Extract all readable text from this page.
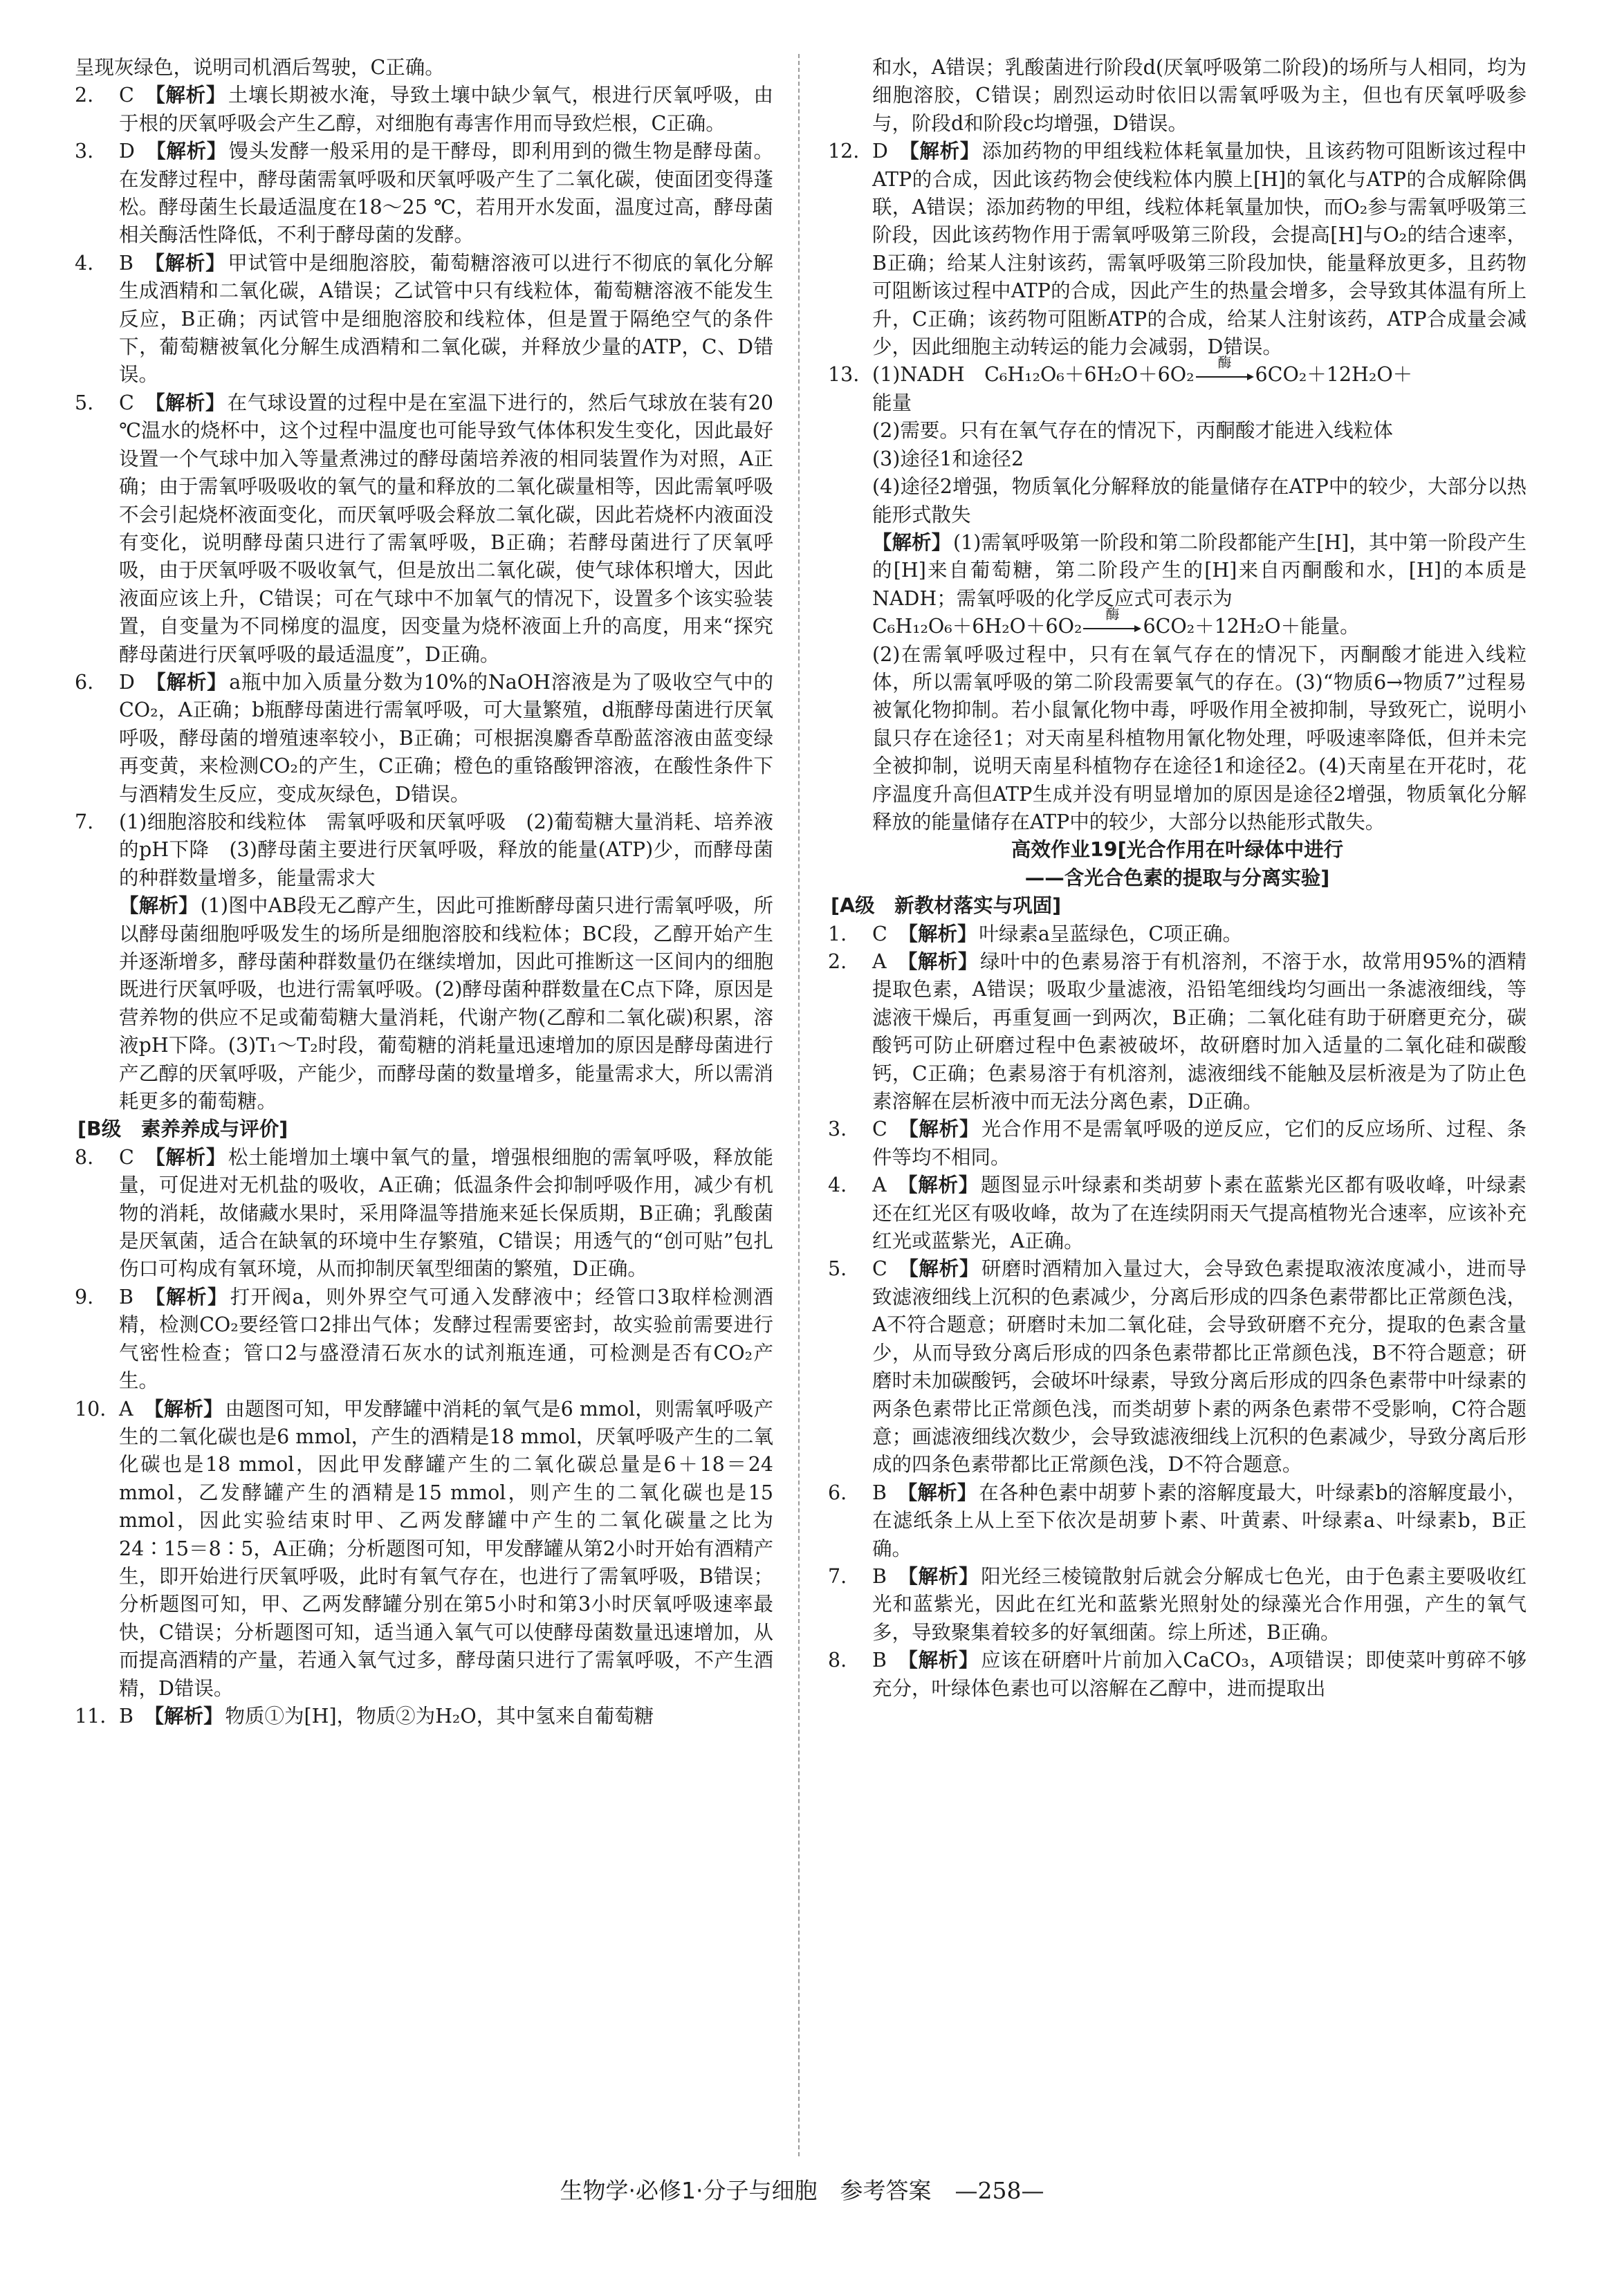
呈现灰绿色，说明司机酒后驾驶，C正确。

2.	C 【解析】土壤长期被水淹，导致土壤中缺少氧气，根进行厌氧呼吸，由于根的厌氧呼吸会产生乙醇，对细胞有毒害作用而导致烂根，C正确。
3.	D 【解析】馒头发酵一般采用的是干酵母，即利用到的微生物是酵母菌。在发酵过程中，酵母菌需氧呼吸和厌氧呼吸产生了二氧化碳，使面团变得蓬松。酵母菌生长最适温度在18～25 ℃，若用开水发面，温度过高，酵母菌相关酶活性降低，不利于酵母菌的发酵。
4.	B 【解析】甲试管中是细胞溶胶，葡萄糖溶液可以进行不彻底的氧化分解生成酒精和二氧化碳，A错误；乙试管中只有线粒体，葡萄糖溶液不能发生反应，B正确；丙试管中是细胞溶胶和线粒体，但是置于隔绝空气的条件下，葡萄糖被氧化分解生成酒精和二氧化碳，并释放少量的ATP，C、D错误。
5.	C 【解析】在气球设置的过程中是在室温下进行的，然后气球放在装有20 ℃温水的烧杯中，这个过程中温度也可能导致气体体积发生变化，因此最好设置一个气球中加入等量煮沸过的酵母菌培养液的相同装置作为对照，A正确；由于需氧呼吸吸收的氧气的量和释放的二氧化碳量相等，因此需氧呼吸不会引起烧杯液面变化，而厌氧呼吸会释放二氧化碳，因此若烧杯内液面没有变化，说明酵母菌只进行了需氧呼吸，B正确；若酵母菌进行了厌氧呼吸，由于厌氧呼吸不吸收氧气，但是放出二氧化碳，使气球体积增大，因此液面应该上升，C错误；可在气球中不加氧气的情况下，设置多个该实验装置，自变量为不同梯度的温度，因变量为烧杯液面上升的高度，用来“探究酵母菌进行厌氧呼吸的最适温度”，D正确。
6.	D 【解析】a瓶中加入质量分数为10%的NaOH溶液是为了吸收空气中的CO₂，A正确；b瓶酵母菌进行需氧呼吸，可大量繁殖，d瓶酵母菌进行厌氧呼吸，酵母菌的增殖速率较小，B正确；可根据溴麝香草酚蓝溶液由蓝变绿再变黄，来检测CO₂的产生，C正确；橙色的重铬酸钾溶液，在酸性条件下与酒精发生反应，变成灰绿色，D错误。
7.	(1)细胞溶胶和线粒体　需氧呼吸和厌氧呼吸　(2)葡萄糖大量消耗、培养液的pH下降　(3)酵母菌主要进行厌氧呼吸，释放的能量(ATP)少，而酵母菌的种群数量增多，能量需求大
【解析】(1)图中AB段无乙醇产生，因此可推断酵母菌只进行需氧呼吸，所以酵母菌细胞呼吸发生的场所是细胞溶胶和线粒体；BC段，乙醇开始产生并逐渐增多，酵母菌种群数量仍在继续增加，因此可推断这一区间内的细胞既进行厌氧呼吸，也进行需氧呼吸。(2)酵母菌种群数量在C点下降，原因是营养物的供应不足或葡萄糖大量消耗，代谢产物(乙醇和二氧化碳)积累，溶液pH下降。(3)T₁～T₂时段，葡萄糖的消耗量迅速增加的原因是酵母菌进行产乙醇的厌氧呼吸，产能少，而酵母菌的数量增多，能量需求大，所以需消耗更多的葡萄糖。

[B级　素养养成与评价]

8.	C 【解析】松土能增加土壤中氧气的量，增强根细胞的需氧呼吸，释放能量，可促进对无机盐的吸收，A正确；低温条件会抑制呼吸作用，减少有机物的消耗，故储藏水果时，采用降温等措施来延长保质期，B正确；乳酸菌是厌氧菌，适合在缺氧的环境中生存繁殖，C错误；用透气的“创可贴”包扎伤口可构成有氧环境，从而抑制厌氧型细菌的繁殖，D正确。
9.	B 【解析】打开阀a，则外界空气可通入发酵液中；经管口3取样检测酒精，检测CO₂要经管口2排出气体；发酵过程需要密封，故实验前需要进行气密性检查；管口2与盛澄清石灰水的试剂瓶连通，可检测是否有CO₂产生。
10. A 【解析】由题图可知，甲发酵罐中消耗的氧气是6 mmol，则需氧呼吸产生的二氧化碳也是6 mmol，产生的酒精是18 mmol，厌氧呼吸产生的二氧化碳也是18 mmol，因此甲发酵罐产生的二氧化碳总量是6＋18＝24 mmol，乙发酵罐产生的酒精是15 mmol，则产生的二氧化碳也是15 mmol，因此实验结束时甲、乙两发酵罐中产生的二氧化碳量之比为24∶15＝8∶5，A正确；分析题图可知，甲发酵罐从第2小时开始有酒精产生，即开始进行厌氧呼吸，此时有氧气存在，也进行了需氧呼吸，B错误；分析题图可知，甲、乙两发酵罐分别在第5小时和第3小时厌氧呼吸速率最快，C错误；分析题图可知，适当通入氧气可以使酵母菌数量迅速增加，从而提高酒精的产量，若通入氧气过多，酵母菌只进行了需氧呼吸，不产生酒精，D错误。
11. B 【解析】物质①为[H]，物质②为H₂O，其中氢来自葡萄糖
和水，A错误；乳酸菌进行阶段d(厌氧呼吸第二阶段)的场所与人相同，均为细胞溶胶，C错误；剧烈运动时依旧以需氧呼吸为主，但也有厌氧呼吸参与，阶段d和阶段c均增强，D错误。
12. D 【解析】添加药物的甲组线粒体耗氧量加快，且该药物可阻断该过程中ATP的合成，因此该药物会使线粒体内膜上[H]的氧化与ATP的合成解除偶联，A错误；添加药物的甲组，线粒体耗氧量加快，而O₂参与需氧呼吸第三阶段，因此该药物作用于需氧呼吸第三阶段，会提高[H]与O₂的结合速率，B正确；给某人注射该药，需氧呼吸第三阶段加快，能量释放更多，且药物可阻断该过程中ATP的合成，因此产生的热量会增多，会导致其体温有所上升，C正确；该药物可阻断ATP的合成，给某人注射该药，ATP合成量会减少，因此细胞主动转运的能力会减弱，D错误。
13. (1)NADH　C₆H₁₂O₆＋6H₂O＋6O₂
酶
6CO₂＋12H₂O＋
能量
(2)需要。只有在氧气存在的情况下，丙酮酸才能进入线粒体
(3)途径1和途径2
(4)途径2增强，物质氧化分解释放的能量储存在ATP中的较少，大部分以热能形式散失
【解析】(1)需氧呼吸第一阶段和第二阶段都能产生[H]，其中第一阶段产生的[H]来自葡萄糖，第二阶段产生的[H]来自丙酮酸和水，[H]的本质是NADH；需氧呼吸的化学反应式可表示为
C₆H₁₂O₆＋6H₂O＋6O₂
酶
6CO₂＋12H₂O＋能量。
(2)在需氧呼吸过程中，只有在氧气存在的情况下，丙酮酸才能进入线粒体，所以需氧呼吸的第二阶段需要氧气的存在。(3)“物质6→物质7”过程易被氰化物抑制。若小鼠氰化物中毒，呼吸作用全被抑制，导致死亡，说明小鼠只存在途径1；对天南星科植物用氰化物处理，呼吸速率降低，但并未完全被抑制，说明天南星科植物存在途径1和途径2。(4)天南星在开花时，花序温度升高但ATP生成并没有明显增加的原因是途径2增强，物质氧化分解释放的能量储存在ATP中的较少，大部分以热能形式散失。

高效作业19[光合作用在叶绿体中进行

——含光合色素的提取与分离实验]

[A级　新教材落实与巩固]

1.	C 【解析】叶绿素a呈蓝绿色，C项正确。
2.	A 【解析】绿叶中的色素易溶于有机溶剂，不溶于水，故常用95%的酒精提取色素，A错误；吸取少量滤液，沿铅笔细线均匀画出一条滤液细线，等滤液干燥后，再重复画一到两次，B正确；二氧化硅有助于研磨更充分，碳酸钙可防止研磨过程中色素被破坏，故研磨时加入适量的二氧化硅和碳酸钙，C正确；色素易溶于有机溶剂，滤液细线不能触及层析液是为了防止色素溶解在层析液中而无法分离色素，D正确。
3.	C 【解析】光合作用不是需氧呼吸的逆反应，它们的反应场所、过程、条件等均不相同。
4.	A 【解析】题图显示叶绿素和类胡萝卜素在蓝紫光区都有吸收峰，叶绿素还在红光区有吸收峰，故为了在连续阴雨天气提高植物光合速率，应该补充红光或蓝紫光，A正确。
5.	C 【解析】研磨时酒精加入量过大，会导致色素提取液浓度减小，进而导致滤液细线上沉积的色素减少，分离后形成的四条色素带都比正常颜色浅，A不符合题意；研磨时未加二氧化硅，会导致研磨不充分，提取的色素含量少，从而导致分离后形成的四条色素带都比正常颜色浅，B不符合题意；研磨时未加碳酸钙，会破坏叶绿素，导致分离后形成的四条色素带中叶绿素的两条色素带比正常颜色浅，而类胡萝卜素的两条色素带不受影响，C符合题意；画滤液细线次数少，会导致滤液细线上沉积的色素减少，导致分离后形成的四条色素带都比正常颜色浅，D不符合题意。
6.	B 【解析】在各种色素中胡萝卜素的溶解度最大，叶绿素b的溶解度最小，在滤纸条上从上至下依次是胡萝卜素、叶黄素、叶绿素a、叶绿素b，B正确。
7.	B 【解析】阳光经三棱镜散射后就会分解成七色光，由于色素主要吸收红光和蓝紫光，因此在红光和蓝紫光照射处的绿藻光合作用强，产生的氧气多，导致聚集着较多的好氧细菌。综上所述，B正确。
8.	B 【解析】应该在研磨叶片前加入CaCO₃，A项错误；即使菜叶剪碎不够充分，叶绿体色素也可以溶解在乙醇中，进而提取出
生物学·必修1·分子与细胞　参考答案 —258—
